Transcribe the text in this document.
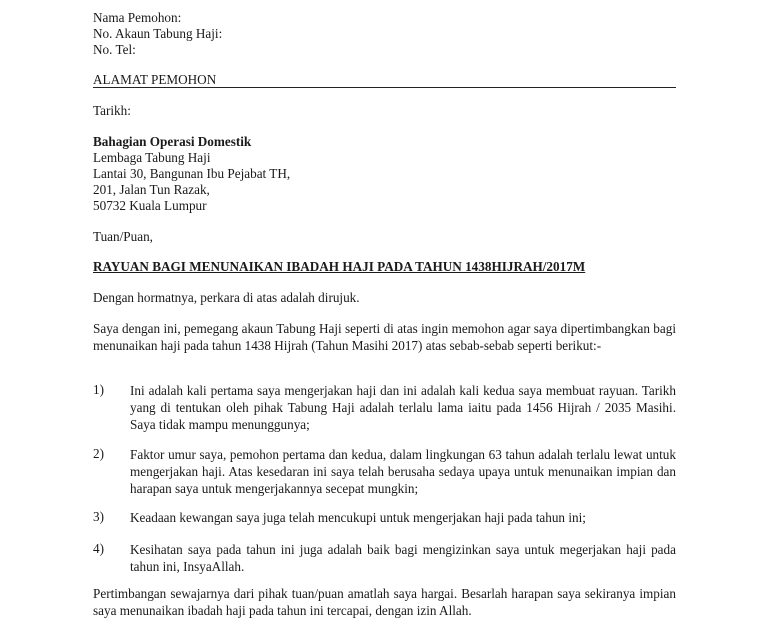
Nama Pemohon:
No. Akaun Tabung Haji:
No. Tel:
ALAMAT PEMOHON
Tarikh:
Bahagian Operasi Domestik
Lembaga Tabung Haji
Lantai 30, Bangunan Ibu Pejabat TH,
201, Jalan Tun Razak,
50732 Kuala Lumpur
Tuan/Puan,
RAYUAN BAGI MENUNAIKAN IBADAH HAJI PADA TAHUN 1438HIJRAH/2017M
Dengan hormatnya, perkara di atas adalah dirujuk.
Saya dengan ini, pemegang akaun Tabung Haji seperti di atas ingin memohon agar saya dipertimbangkan bagi menunaikan haji pada tahun 1438 Hijrah (Tahun Masihi 2017) atas sebab-sebab seperti berikut:-
1) Ini adalah kali pertama saya mengerjakan haji dan ini adalah kali kedua saya membuat rayuan. Tarikh yang di tentukan oleh pihak Tabung Haji adalah terlalu lama iaitu pada 1456 Hijrah / 2035 Masihi. Saya tidak mampu menunggunya;
2) Faktor umur saya, pemohon pertama dan kedua, dalam lingkungan 63 tahun adalah terlalu lewat untuk mengerjakan haji. Atas kesedaran ini saya telah berusaha sedaya upaya untuk menunaikan impian dan harapan saya untuk mengerjakannya secepat mungkin;
3) Keadaan kewangan saya juga telah mencukupi untuk mengerjakan haji pada tahun ini;
4) Kesihatan saya pada tahun ini juga adalah baik bagi mengizinkan saya untuk megerjakan haji pada tahun ini, InsyaAllah.
Pertimbangan sewajarnya dari pihak tuan/puan amatlah saya hargai. Besarlah harapan saya sekiranya impian saya menunaikan ibadah haji pada tahun ini tercapai, dengan izin Allah.
